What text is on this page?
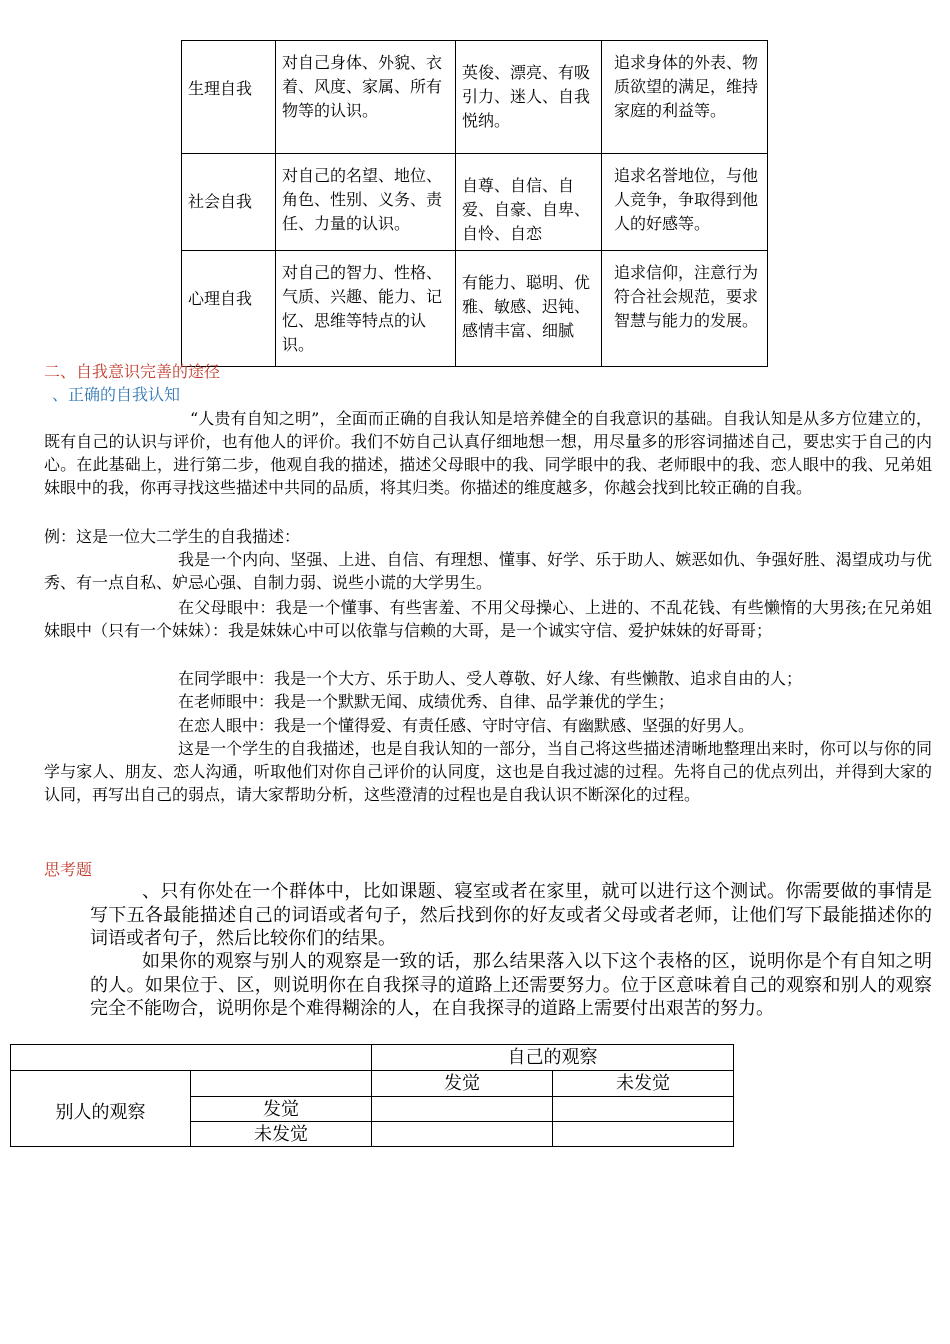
生理自我	对自己身体、外貌、衣着、风度、家属、所有物等的认识。	英俊、漂亮、有吸引力、迷人、自我悦纳。	追求身体的外表、物质欲望的满足，维持家庭的利益等。
社会自我	对自己的名望、地位、角色、性别、义务、责任、力量的认识。	自尊、自信、自爱、自豪、自卑、自怜、自恋	追求名誉地位，与他人竞争，争取得到他人的好感等。
心理自我	对自己的智力、性格、气质、兴趣、能力、记忆、思维等特点的认识。	有能力、聪明、优雅、敏感、迟钝、感情丰富、细腻	追求信仰，注意行为符合社会规范，要求智慧与能力的发展。
二、自我意识完善的途径
、正确的自我认知
“人贵有自知之明”，全面而正确的自我认知是培养健全的自我意识的基础。自我认知是从多方位建立的，既有自己的认识与评价，也有他人的评价。我们不妨自己认真仔细地想一想，用尽量多的形容词描述自己，要忠实于自己的内心。在此基础上，进行第二步，他观自我的描述，描述父母眼中的我、同学眼中的我、老师眼中的我、恋人眼中的我、兄弟姐妹眼中的我，你再寻找这些描述中共同的品质，将其归类。你描述的维度越多，你越会找到比较正确的自我。
例：这是一位大二学生的自我描述：
我是一个内向、坚强、上进、自信、有理想、懂事、好学、乐于助人、嫉恶如仇、争强好胜、渴望成功与优秀、有一点自私、妒忌心强、自制力弱、说些小谎的大学男生。
在父母眼中：我是一个懂事、有些害羞、不用父母操心、上进的、不乱花钱、有些懒惰的大男孩;在兄弟姐妹眼中（只有一个妹妹）：我是妹妹心中可以依靠与信赖的大哥，是一个诚实守信、爱护妹妹的好哥哥；
在同学眼中：我是一个大方、乐于助人、受人尊敬、好人缘、有些懒散、追求自由的人；
在老师眼中：我是一个默默无闻、成绩优秀、自律、品学兼优的学生；
在恋人眼中：我是一个懂得爱、有责任感、守时守信、有幽默感、坚强的好男人。
这是一个学生的自我描述，也是自我认知的一部分，当自己将这些描述清晰地整理出来时，你可以与你的同学与家人、朋友、恋人沟通，听取他们对你自己评价的认同度，这也是自我过滤的过程。先将自己的优点列出，并得到大家的认同，再写出自己的弱点，请大家帮助分析，这些澄清的过程也是自我认识不断深化的过程。
思考题
、只有你处在一个群体中，比如课题、寝室或者在家里，就可以进行这个测试。你需要做的事情是写下五各最能描述自己的词语或者句子，然后找到你的好友或者父母或者老师，让他们写下最能描述你的词语或者句子，然后比较你们的结果。
如果你的观察与别人的观察是一致的话，那么结果落入以下这个表格的区，说明你是个有自知之明的人。如果位于、区，则说明你在自我探寻的道路上还需要努力。位于区意味着自己的观察和别人的观察完全不能吻合，说明你是个难得糊涂的人，在自我探寻的道路上需要付出艰苦的努力。
		自己的观察	
别人的观察		发觉	未发觉
	发觉		
	未发觉		
